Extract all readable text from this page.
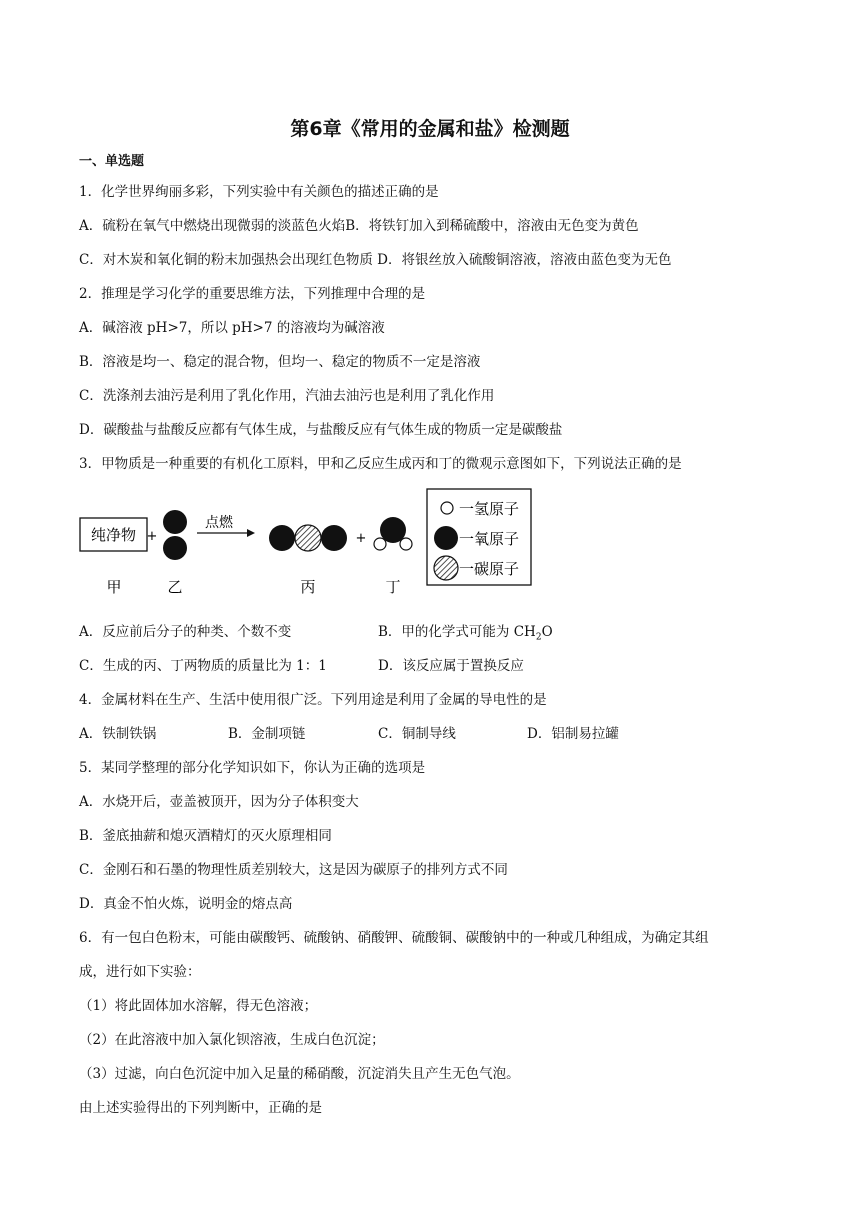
第6章《常用的金属和盐》检测题
一、单选题
1．化学世界绚丽多彩，下列实验中有关颜色的描述正确的是
A．硫粉在氧气中燃烧出现微弱的淡蓝色火焰B．将铁钉加入到稀硫酸中，溶液由无色变为黄色
C．对木炭和氧化铜的粉末加强热会出现红色物质 D．将银丝放入硫酸铜溶液，溶液由蓝色变为无色
2．推理是学习化学的重要思维方法，下列推理中合理的是
A．碱溶液 pH>7，所以 pH>7 的溶液均为碱溶液
B．溶液是均一、稳定的混合物，但均一、稳定的物质不一定是溶液
C．洗涤剂去油污是利用了乳化作用，汽油去油污也是利用了乳化作用
D．碳酸盐与盐酸反应都有气体生成，与盐酸反应有气体生成的物质一定是碳酸盐
3．甲物质是一种重要的有机化工原料，甲和乙反应生成丙和丁的微观示意图如下，下列说法正确的是
纯净物 +
点燃
+
甲	乙	丙	丁
一氢原子
一氧原子
一碳原子
A．反应前后分子的种类、个数不变	B．甲的化学式可能为 $CH_2O$
C．生成的丙、丁两物质的质量比为 1：1	D．该反应属于置换反应
4．金属材料在生产、生活中使用很广泛。下列用途是利用了金属的导电性的是
A．铁制铁锅	B．金制项链	C．铜制导线	D．铝制易拉罐
5．某同学整理的部分化学知识如下，你认为正确的选项是
A．水烧开后，壶盖被顶开，因为分子体积变大
B．釜底抽薪和熄灭酒精灯的灭火原理相同
C．金刚石和石墨的物理性质差别较大，这是因为碳原子的排列方式不同
D．真金不怕火炼，说明金的熔点高
6．有一包白色粉末，可能由碳酸钙、硫酸钠、硝酸钾、硫酸铜、碳酸钠中的一种或几种组成，为确定其组
成，进行如下实验：
（1）将此固体加水溶解，得无色溶液；
（2）在此溶液中加入氯化钡溶液，生成白色沉淀；
（3）过滤，向白色沉淀中加入足量的稀硝酸，沉淀消失且产生无色气泡。
由上述实验得出的下列判断中，正确的是
